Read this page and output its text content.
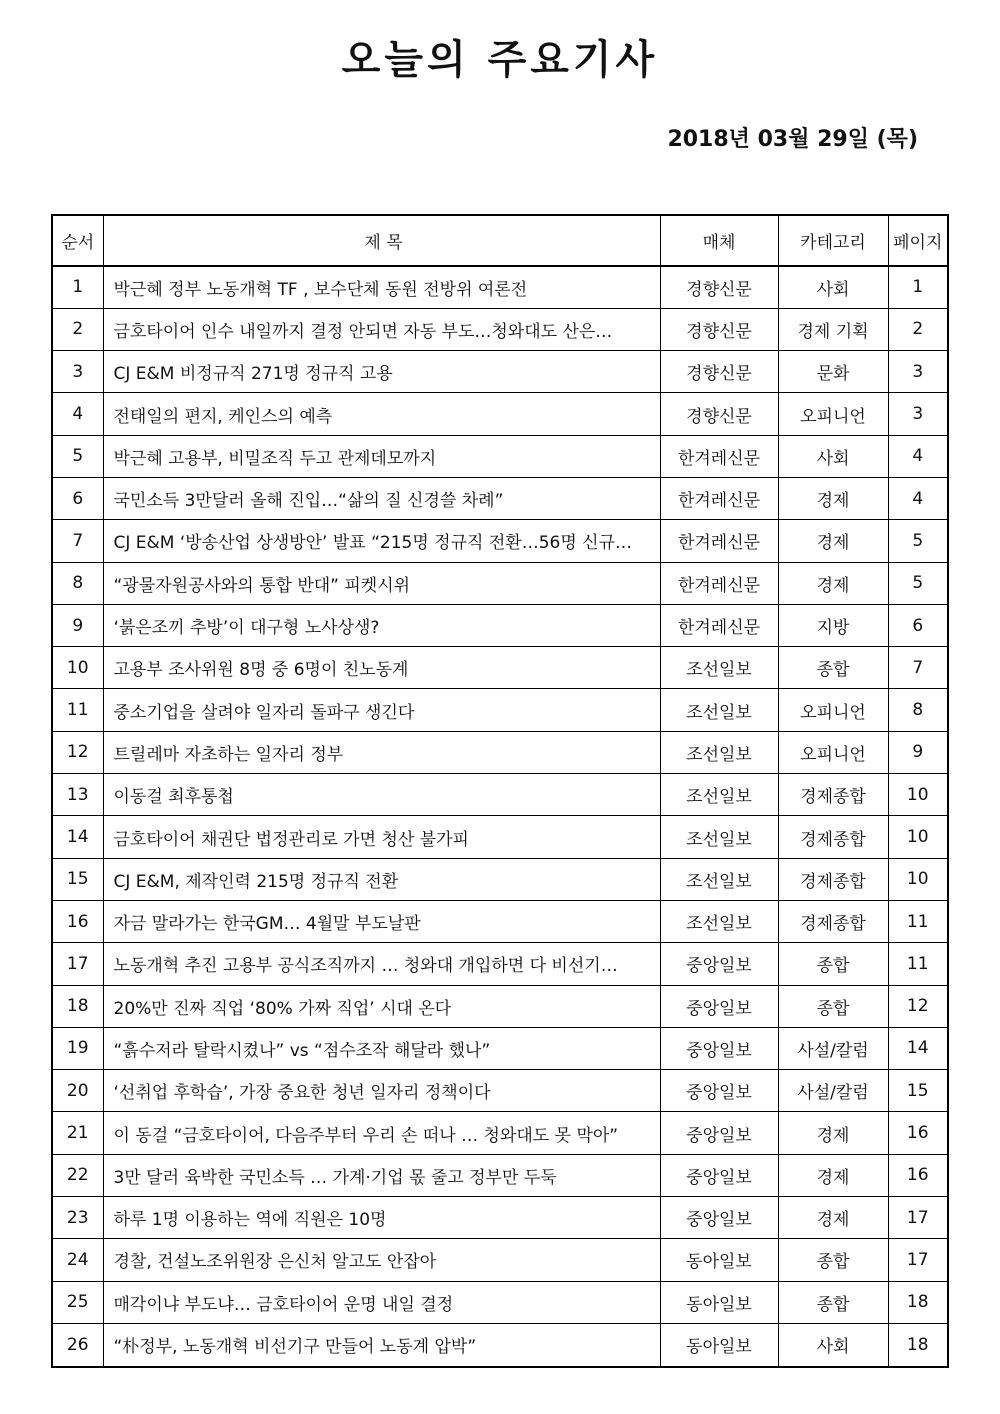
오늘의 주요기사
2018년 03월 29일 (목)
순서	제 목	매체	카테고리	페이지
1	박근혜 정부 노동개혁 TF , 보수단체 동원 전방위 여론전	경향신문	사회	1
2	금호타이어 인수 내일까지 결정 안되면 자동 부도…청와대도 산은…	경향신문	경제 기획	2
3	CJ E&M 비정규직 271명 정규직 고용	경향신문	문화	3
4	전태일의 편지, 케인스의 예측	경향신문	오피니언	3
5	박근혜 고용부, 비밀조직 두고 관제데모까지	한겨레신문	사회	4
6	국민소득 3만달러 올해 진입…“삶의 질 신경쓸 차례”	한겨레신문	경제	4
7	CJ E&M ‘방송산업 상생방안’ 발표 “215명 정규직 전환…56명 신규…	한겨레신문	경제	5
8	“광물자원공사와의 통합 반대” 피켓시위	한겨레신문	경제	5
9	‘붉은조끼 추방’이 대구형 노사상생?	한겨레신문	지방	6
10	고용부 조사위원 8명 중 6명이 친노동계	조선일보	종합	7
11	중소기업을 살려야 일자리 돌파구 생긴다	조선일보	오피니언	8
12	트릴레마 자초하는 일자리 정부	조선일보	오피니언	9
13	이동걸 최후통첩	조선일보	경제종합	10
14	금호타이어 채권단 법정관리로 가면 청산 불가피	조선일보	경제종합	10
15	CJ E&M, 제작인력 215명 정규직 전환	조선일보	경제종합	10
16	자금 말라가는 한국GM… 4월말 부도날판	조선일보	경제종합	11
17	노동개혁 추진 고용부 공식조직까지 … 청와대 개입하면 다 비선기…	중앙일보	종합	11
18	20%만 진짜 직업 ‘80% 가짜 직업’ 시대 온다	중앙일보	종합	12
19	“흙수저라 탈락시켰나” vs “점수조작 해달라 했나”	중앙일보	사설/칼럼	14
20	‘선취업 후학습’, 가장 중요한 청년 일자리 정책이다	중앙일보	사설/칼럼	15
21	이 동걸 “금호타이어, 다음주부터 우리 손 떠나 … 청와대도 못 막아”	중앙일보	경제	16
22	3만 달러 육박한 국민소득 … 가계·기업 몫 줄고 정부만 두둑	중앙일보	경제	16
23	하루 1명 이용하는 역에 직원은 10명	중앙일보	경제	17
24	경찰, 건설노조위원장 은신처 알고도 안잡아	동아일보	종합	17
25	매각이냐 부도냐… 금호타이어 운명 내일 결정	동아일보	종합	18
26	“朴정부, 노동개혁 비선기구 만들어 노동계 압박”	동아일보	사회	18
